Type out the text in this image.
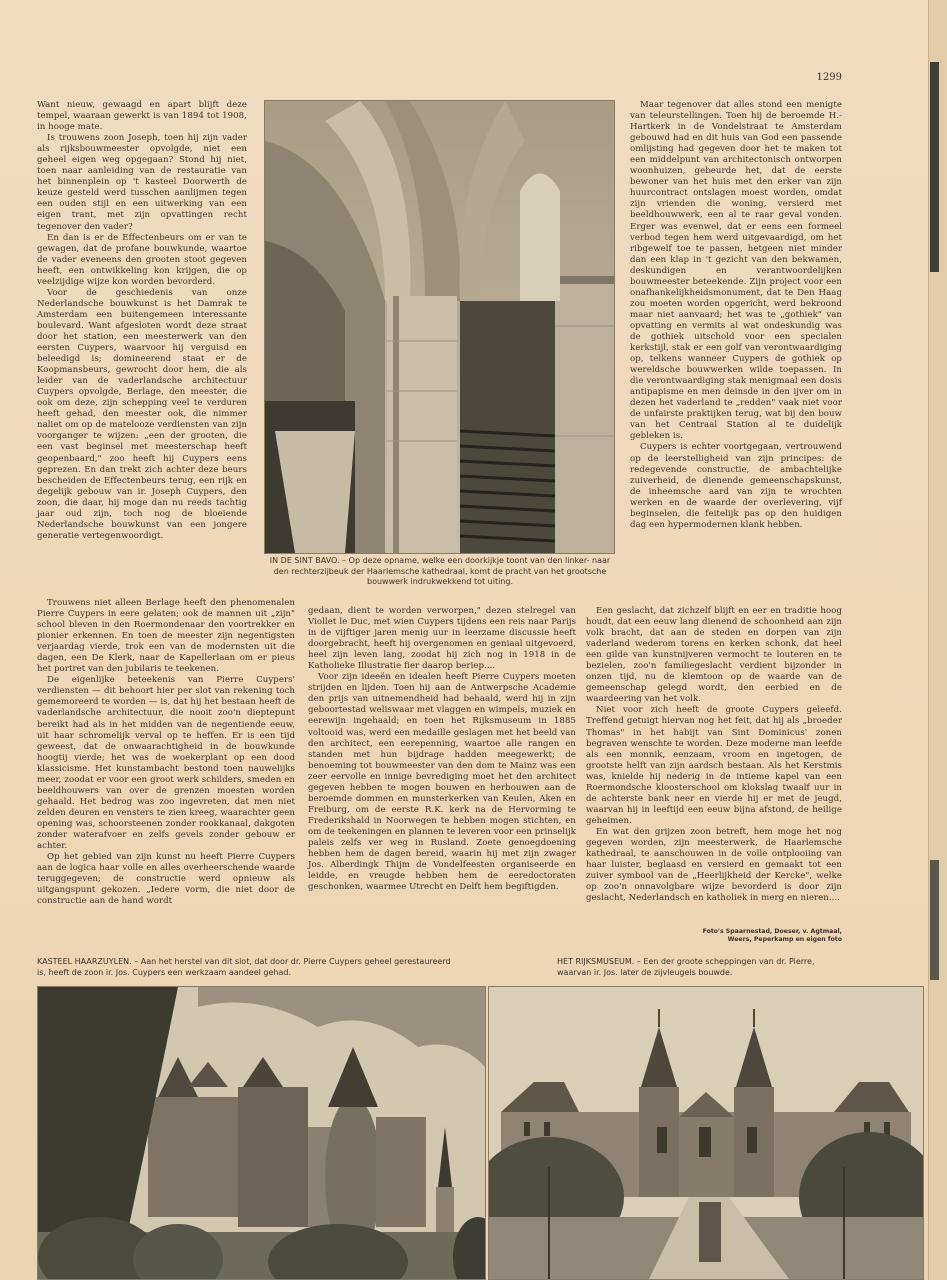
1299

Want nieuw, gewaagd en apart blijft deze tempel, waaraan gewerkt is van 1894 tot 1908, in hooge mate.

Is trouwens zoon Joseph, toen hij zijn vader als rijksbouwmeester opvolgde, niet een geheel eigen weg opgegaan? Stond hij niet, toen naar aanleiding van de restauratie van het binnenplein op 't kasteel Doorwerth de keuze gesteld werd tusschen aanlijmen tegen een ouden stijl en een uitwerking van een eigen trant, met zijn opvattingen recht tegenover den vader?

En dan is er de Effectenbeurs om er van te gewagen, dat de profane bouwkunde, waartoe de vader eveneens den grooten stoot gegeven heeft, een ontwikkeling kon krijgen, die op veelzijdige wijze kon worden bevorderd.

Voor de geschiedenis van onze Nederlandsche bouwkunst is het Damrak te Amsterdam een buitengemeen interessante boulevard. Want afgesloten wordt deze straat door het station, een meesterwerk van den eersten Cuypers, waarvoor hij verguisd en beleedigd is; domineerend staat er de Koopmansbeurs, gewrocht door hem, die als leider van de vaderlandsche architectuur Cuypers opvolgde, Berlage, den meester, die ook om deze, zijn schepping veel te verduren heeft gehad, den meester ook, die nimmer naliet om op de matelooze verdiensten van zijn voorganger te wijzen: „een der grooten, die een vast beginsel met meesterschap heeft geopenbaard," zoo heeft hij Cuypers eens geprezen. En dan trekt zich achter deze beurs bescheiden de Effectenbeurs terug, een rijk en degelijk gebouw van ir. Joseph Cuypers, den zoon, die daar, hij moge dan nu reeds tachtig jaar oud zijn, toch nog de bloeiende Nederlandsche bouwkunst van een jongere generatie vertegenwoordigt.

IN DE SINT BAVO. – Op deze opname, welke een doorkijkje toont van den linker- naar den rechterzijbeuk der Haarlemsche kathedraal, komt de pracht van het grootsche bouwwerk indrukwekkend tot uiting.

Trouwens niet alleen Berlage heeft den phenomenalen Pierre Cuypers in eere gelaten; ook de mannen uit „zijn" school bleven in den Roermondenaar den voortrekker en pionier erkennen. En toen de meester zijn negentigsten verjaardag vierde, trok een van de modernsten uit die dagen, een De Klerk, naar de Kapellerlaan om er pieus het portret van den jubilaris te teekenen.

De eigenlijke beteekenis van Pierre Cuypers' verdiensten — dit behoort hier per slot van rekening toch gememoreerd te worden — is, dat hij het bestaan heeft de vaderlandsche architectuur, die nooit zoo'n dieptepunt bereikt had als in het midden van de negentiende eeuw, uit haar schromelijk verval op te heffen. Er is een tijd geweest, dat de onwaarachtigheid in de bouwkunde hoogtij vierde; het was de woekerplant op een dood klassicisme. Het kunstambacht bestond toen nauwelijks meer, zoodat er voor een groot werk schilders, smeden en beeldhouwers van over de grenzen moesten worden gehaald. Het bedrog was zoo ingevreten, dat men niet zelden deuren en vensters te zien kreeg, waarachter geen opening was, schoorsteenen zonder rookkanaal, dakgoten zonder waterafvoer en zelfs gevels zonder gebouw er achter.

Op het gebied van zijn kunst nu heeft Pierre Cuypers aan de logica haar volle en alles overheerschende waarde teruggegeven; de constructie werd opnieuw als uitgangspunt gekozen. „Iedere vorm, die niet door de constructie aan de hand wordt

gedaan, dient te worden verworpen," dezen stelregel van Viollet le Duc, met wien Cuypers tijdens een reis naar Parijs in de vijftiger jaren menig uur in leerzame discussie heeft doorgebracht, heeft hij overgenomen en geniaal uitgevoerd, heel zijn leven lang, zoodat hij zich nog in 1918 in de Katholieke Illustratie fier daarop beriep....

Voor zijn ideeën en idealen heeft Pierre Cuypers moeten strijden en lijden. Toen hij aan de Antwerpsche Academie den prijs van uitnemendheid had behaald, werd hij in zijn geboortestad weliswaar met vlaggen en wimpels, muziek en eerewijn ingehaald; en toen het Rijksmuseum in 1885 voltooid was, werd een medaille geslagen met het beeld van den architect, een eerepenning, waartoe alle rangen en standen met hun bijdrage hadden meegewerkt; de benoeming tot bouwmeester van den dom te Mainz was een zeer eervolle en innige bevrediging moet het den architect gegeven hebben te mogen bouwen en herbouwen aan de beroemde dommen en munsterkerken van Keulen, Aken en Freiburg, om de eerste R.K. kerk na de Hervorming te Frederikshald in Noorwegen te hebben mogen stichten, en om de teekeningen en plannen te leveren voor een prinselijk paleis zelfs ver weg in Rusland. Zoete genoegdoening hebben hem de dagen bereid, waarin hij met zijn zwager Jos. Alberdingk Thijm de Vondelfeesten organiseerde en leidde, en vreugde hebben hem de eeredoctoraten geschonken, waarmee Utrecht en Delft hem begiftigden.

Maar tegenover dat alles stond een menigte van teleurstellingen. Toen hij de beroemde H.-Hartkerk in de Vondelstraat te Amsterdam gebouwd had en dit huis van God een passende omlijsting had gegeven door het te maken tot een middelpunt van architectonisch ontworpen woonhuizen, gebeurde het, dat de eerste bewoner van het huis met den erker van zijn huurcontract ontslagen moest worden, omdat zijn vrienden die woning, versierd met beeldhouwwerk, een al te raar geval vonden. Erger was evenwel, dat er eens een formeel verbod tegen hem werd uitgevaardigd, om het ribgewelf toe te passen, hetgeen niet minder dan een klap in 't gezicht van den bekwamen, deskundigen en verantwoordelijken bouwmeester beteekende. Zijn project voor een onafhankelijkheidsmonument, dat te Den Haag zou moeten worden opgericht, werd bekroond maar niet aanvaard; het was te „gothiek" van opvatting en vermits al wat ondeskundig was de gothiek uitschold voor een specialen kerkstijl, stak er een golf van verontwaardiging op, telkens wanneer Cuypers de gothiek op wereldsche bouwwerken wilde toepassen. In die verontwaardiging stak menigmaal een dosis antipapisme en men deinsde in den ijver om in dezen het vaderland te „redden" vaak niet voor de unfairste praktijken terug, wat bij den bouw van het Centraal Station al te duidelijk gebleken is.

Cuypers is echter voortgegaan, vertrouwend op de leerstelligheid van zijn principes: de redegevende constructie, de ambachtelijke zuiverheid, de dienende gemeenschapskunst, de inheemsche aard van zijn te wrochten werken en de waarde der overlevering, vijf beginselen, die feitelijk pas op den huidigen dag een hypermodernen klank hebben.

Een geslacht, dat zichzelf blijft en eer en traditie hoog houdt, dat een eeuw lang dienend de schoonheid aan zijn volk bracht, dat aan de steden en dorpen van zijn vaderland wederom torens en kerken schonk, dat heel een gilde van kunstnijveren vermocht te louteren en te bezielen, zoo'n familiegeslacht verdient bijzonder in onzen tijd, nu de klemtoon op de waarde van de gemeenschap gelegd wordt, den eerbied en de waardeering van het volk.

Niet voor zich heeft de groote Cuypers geleefd. Treffend getuigt hiervan nog het feit, dat hij als „broeder Thomas" in het habijt van Sint Dominicus' zonen begraven wenschte te worden. Deze moderne man leefde als een monnik, eenzaam, vroom en ingetogen, de grootste helft van zijn aardsch bestaan. Als het Kerstmis was, knielde hij nederig in de intieme kapel van een Roermondsche kloosterschool om klokslag twaalf uur in de achterste bank neer en vierde hij er met de jeugd, waarvan hij in leeftijd een eeuw bijna afstond, de heilige geheimen.

En wat den grijzen zoon betreft, hem moge het nog gegeven worden, zijn meesterwerk, de Haarlemsche kathedraal, te aanschouwen in de volle ontplooiing van haar luister, beglaasd en versierd en gemaakt tot een zuiver symbool van de „Heerlijkheid der Kercke", welke op zoo'n onnavolgbare wijze bevorderd is door zijn geslacht, Nederlandsch en katholiek in merg en nieren....

Foto's Spaarnestad, Doeser, v. Agtmaal, Weers, Peperkamp en eigen foto
KASTEEL HAARZUYLEN. – Aan het herstel van dit slot, dat door dr. Pierre Cuypers geheel gerestaureerd is, heeft de zoon ir. Jos. Cuypers een werkzaam aandeel gehad.
HET RIJKSMUSEUM. – Een der groote scheppingen van dr. Pierre, waarvan ir. Jos. later de zijvleugels bouwde.
